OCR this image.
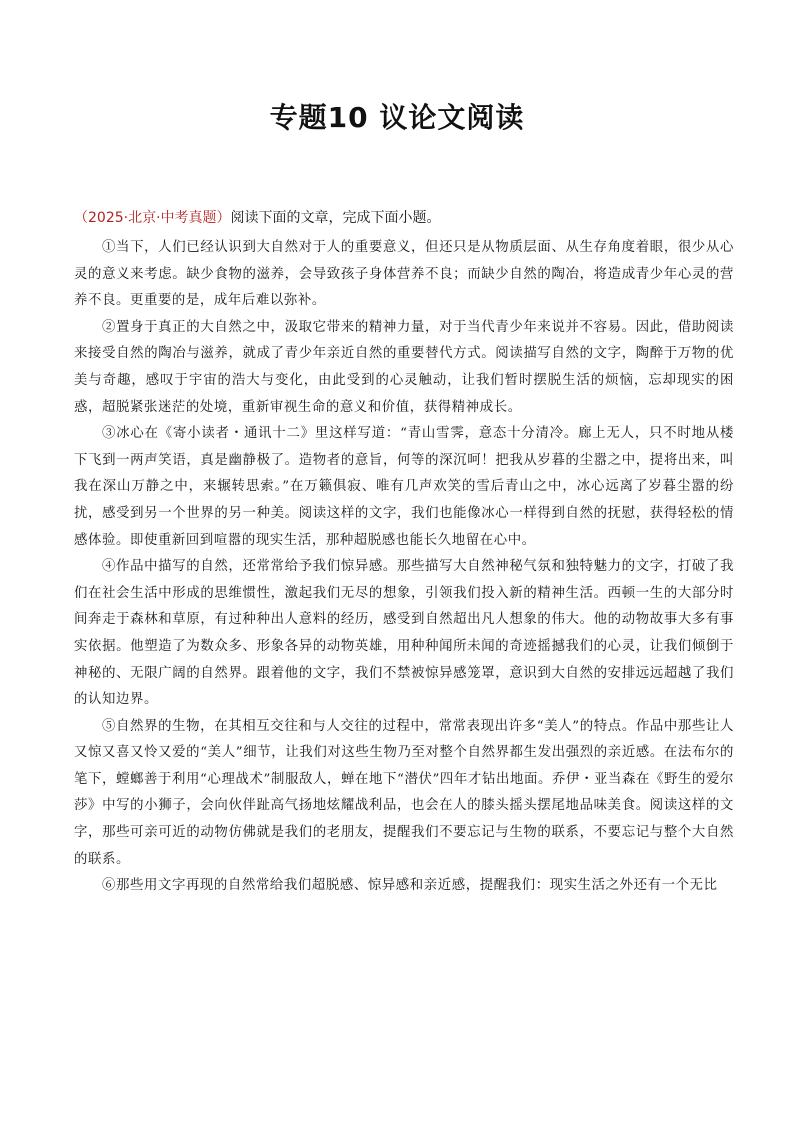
专题10 议论文阅读
（2025·北京·中考真题）阅读下面的文章，完成下面小题。

①当下，人们已经认识到大自然对于人的重要意义，但还只是从物质层面、从生存角度着眼，很少从心灵的意义来考虑。缺少食物的滋养，会导致孩子身体营养不良；而缺少自然的陶冶，将造成青少年心灵的营养不良。更重要的是，成年后难以弥补。

②置身于真正的大自然之中，汲取它带来的精神力量，对于当代青少年来说并不容易。因此，借助阅读来接受自然的陶冶与滋养，就成了青少年亲近自然的重要替代方式。阅读描写自然的文字，陶醉于万物的优美与奇趣，感叹于宇宙的浩大与变化，由此受到的心灵触动，让我们暂时摆脱生活的烦恼，忘却现实的困惑，超脱紧张迷茫的处境，重新审视生命的意义和价值，获得精神成长。

③冰心在《寄小读者・通讯十二》里这样写道：“青山雪霁，意态十分清冷。廊上无人，只不时地从楼下飞到一两声笑语，真是幽静极了。造物者的意旨，何等的深沉呵！把我从岁暮的尘嚣之中，提将出来，叫我在深山万静之中，来辗转思索。”在万籁俱寂、唯有几声欢笑的雪后青山之中，冰心远离了岁暮尘嚣的纷扰，感受到另一个世界的另一种美。阅读这样的文字，我们也能像冰心一样得到自然的抚慰，获得轻松的情感体验。即使重新回到喧嚣的现实生活，那种超脱感也能长久地留在心中。

④作品中描写的自然，还常常给予我们惊异感。那些描写大自然神秘气氛和独特魅力的文字，打破了我们在社会生活中形成的思维惯性，激起我们无尽的想象，引领我们投入新的精神生活。西顿一生的大部分时间奔走于森林和草原，有过种种出人意料的经历，感受到自然超出凡人想象的伟大。他的动物故事大多有事实依据。他塑造了为数众多、形象各异的动物英雄，用种种闻所未闻的奇迹摇撼我们的心灵，让我们倾倒于神秘的、无限广阔的自然界。跟着他的文字，我们不禁被惊异感笼罩，意识到大自然的安排远远超越了我们的认知边界。

⑤自然界的生物，在其相互交往和与人交往的过程中，常常表现出许多“美人”的特点。作品中那些让人又惊又喜又怜又爱的“美人”细节，让我们对这些生物乃至对整个自然界都生发出强烈的亲近感。在法布尔的笔下，螳螂善于利用“心理战术”制服敌人，蝉在地下“潜伏”四年才钻出地面。乔伊・亚当森在《野生的爱尔莎》中写的小狮子，会向伙伴趾高气扬地炫耀战利品，也会在人的膝头摇头摆尾地品味美食。阅读这样的文字，那些可亲可近的动物仿佛就是我们的老朋友，提醒我们不要忘记与生物的联系，不要忘记与整个大自然的联系。

⑥那些用文字再现的自然常给我们超脱感、惊异感和亲近感，提醒我们：现实生活之外还有一个无比
